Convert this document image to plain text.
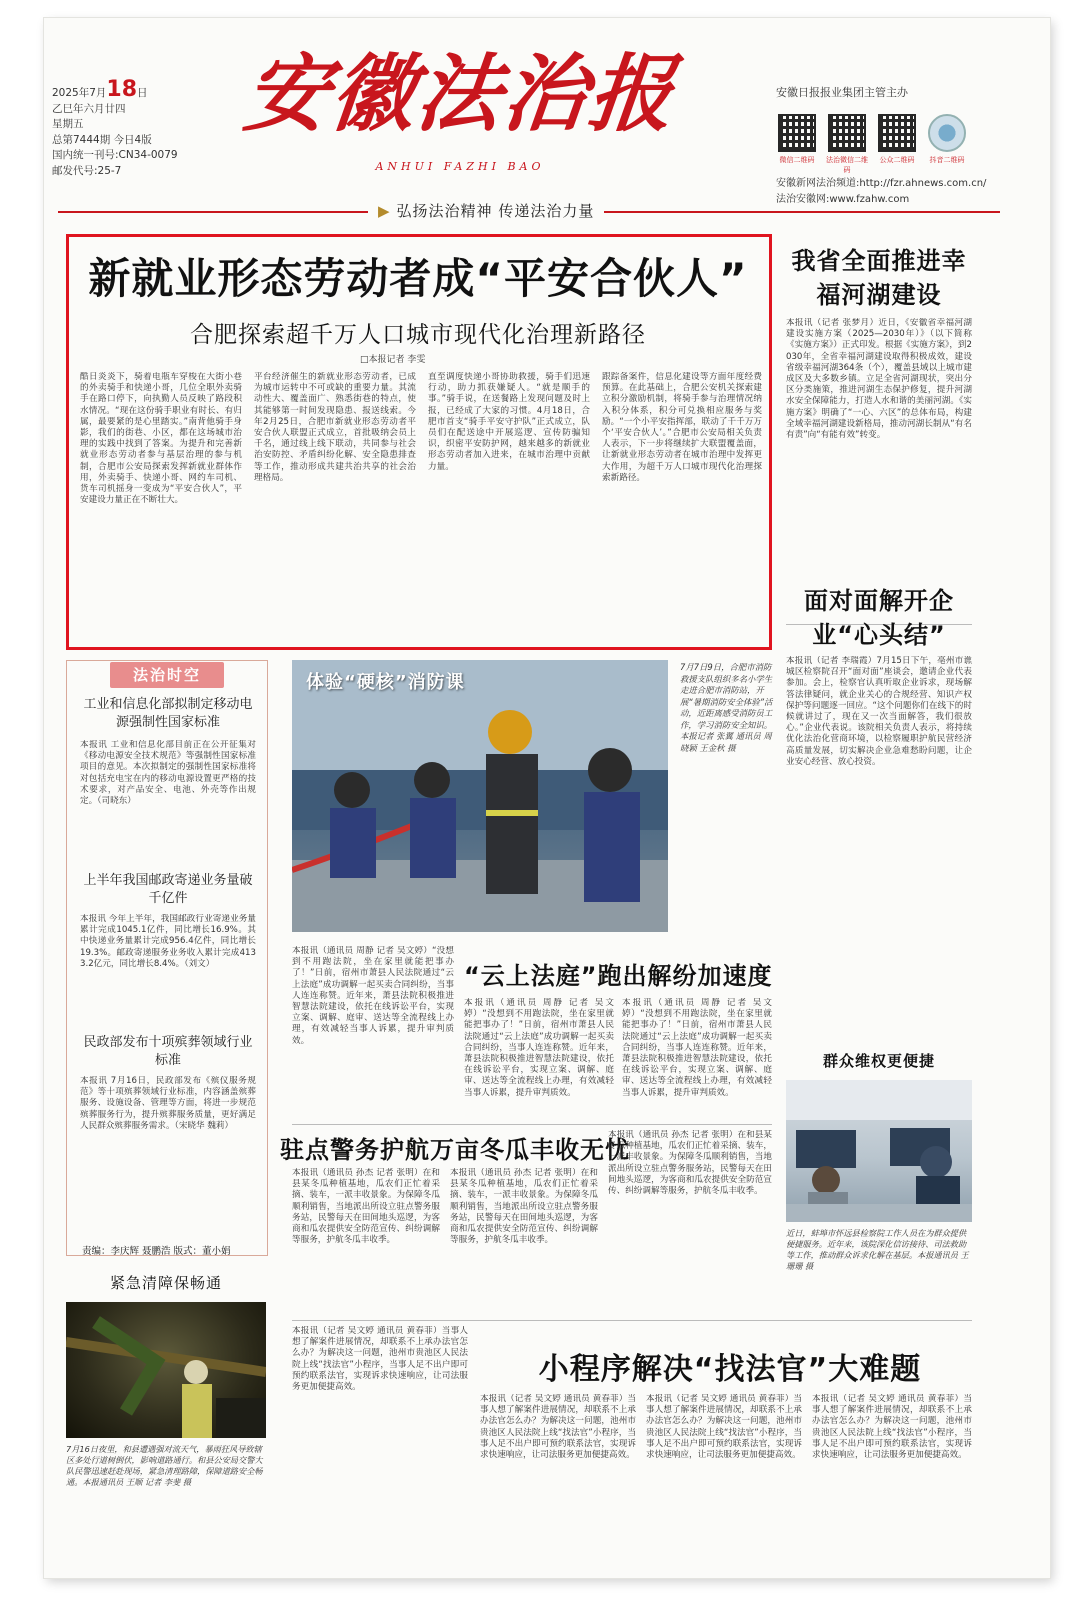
2025年7月18日
乙巳年六月廿四
星期五
总第7444期 今日4版
国内统一刊号:CN34-0079
邮发代号:25-7
安徽法治报
ANHUI FAZHI BAO
安徽日报报业集团主管主办
微信二维码	法治微信二维码
公众二维码	抖音二维码
安徽新网法治频道:http://fzr.ahnews.com.cn/
法治安徽网:www.fzahw.com
▶ 弘扬法治精神 传递法治力量
新就业形态劳动者成“平安合伙人”
合肥探索超千万人口城市现代化治理新路径
□本报记者 李雯
酷日炎炎下，骑着电瓶车穿梭在大街小巷的外卖骑手和快递小哥，几位全职外卖骑手在路口停下，向执勤人员反映了路段积水情况。“现在这份骑手职业有时长、有归属，最要紧的是心里踏实。”南背他骑手身影，我们的街巷、小区，都在这场城市治理的实践中找到了答案。为提升和完善新就业形态劳动者参与基层治理的参与机制，合肥市公安局探索发挥新就业群体作用，外卖骑手、快递小哥、网约车司机、货车司机摇身一变成为“平安合伙人”，平安建设力量正在不断壮大。
平台经济催生的新就业形态劳动者，已成为城市运转中不可或缺的重要力量。其流动性大、覆盖面广、熟悉街巷的特点，使其能够第一时间发现隐患、报送线索。今年2月25日，合肥市新就业形态劳动者平安合伙人联盟正式成立，首批吸纳会员上千名，通过线上线下联动，共同参与社会治安防控、矛盾纠纷化解、安全隐患排查等工作，推动形成共建共治共享的社会治理格局。
直至调度快递小哥协助救援，骑手们迅速行动，助力抓获嫌疑人。“就是顺手的事。”骑手说，在送餐路上发现问题及时上报，已经成了大家的习惯。4月18日，合肥市首支“骑手平安守护队”正式成立，队员们在配送途中开展巡逻、宣传防骗知识，织密平安防护网，越来越多的新就业形态劳动者加入进来，在城市治理中贡献力量。
跟踪备案件，信息化建设等方面年度经费预算。在此基础上，合肥公安机关探索建立积分激励机制，将骑手参与治理情况纳入积分体系，积分可兑换相应服务与奖励。“一个小平安指挥部，联动了千千万万个‘平安合伙人’。”合肥市公安局相关负责人表示，下一步将继续扩大联盟覆盖面，让新就业形态劳动者在城市治理中发挥更大作用，为超千万人口城市现代化治理探索新路径。
我省全面推进幸福河湖建设
本报讯（记者 张梦月）近日，《安徽省幸福河湖建设实施方案（2025—2030年）》（以下简称《实施方案》）正式印发。根据《实施方案》，到2030年，全省幸福河湖建设取得积极成效，建设省级幸福河湖364条（个），覆盖县域以上城市建成区及大多数乡镇。立足全省河湖现状，突出分区分类施策，推进河湖生态保护修复，提升河湖水安全保障能力，打造人水和谐的美丽河湖。《实施方案》明确了“一心、六区”的总体布局，构建全域幸福河湖建设新格局，推动河湖长制从“有名有责”向“有能有效”转变。
面对面解开企业“心头结”
本报讯（记者 李瑞霞）7月15日下午，亳州市谯城区检察院召开“面对面”座谈会，邀请企业代表参加。会上，检察官认真听取企业诉求，现场解答法律疑问，就企业关心的合规经营、知识产权保护等问题逐一回应。“这个问题你们在线下的时候就讲过了，现在又一次当面解答，我们很放心。”企业代表说。该院相关负责人表示，将持续优化法治化营商环境，以检察履职护航民营经济高质量发展，切实解决企业急难愁盼问题，让企业安心经营、放心投资。
群众维权更便捷
近日，蚌埠市怀远县检察院工作人员在为群众提供便捷服务。近年来，该院深化信访接待、司法救助等工作，推动群众诉求化解在基层。本报通讯员 王珊珊 摄
法治时空
工业和信息化部拟制定移动电源强制性国家标准
本报讯 工业和信息化部目前正在公开征集对《移动电源安全技术规范》等强制性国家标准项目的意见。本次拟制定的强制性国家标准将对包括充电宝在内的移动电源设置更严格的技术要求，对产品安全、电池、外壳等作出规定。（司晓东）
上半年我国邮政寄递业务量破千亿件
本报讯 今年上半年，我国邮政行业寄递业务量累计完成1045.1亿件，同比增长16.9%。其中快递业务量累计完成956.4亿件，同比增长19.3%。邮政寄递服务业务收入累计完成4133.2亿元，同比增长8.4%。（刘文）
民政部发布十项殡葬领域行业标准
本报讯 7月16日，民政部发布《殡仪服务规范》等十项殡葬领域行业标准，内容涵盖殡葬服务、设施设备、管理等方面，将进一步规范殡葬服务行为，提升殡葬服务质量，更好满足人民群众殡葬服务需求。（宋晓华 魏莉）
责编：李庆辉 聂鹏浩 版式：董小娟
体验“硬核”消防课
7月7日9日，合肥市消防救援支队组织多名小学生走进合肥市消防站，开展“暑期消防安全体验”活动，近距离感受消防员工作，学习消防安全知识。本报记者 张翼 通讯员 周晓颖 王金秋 摄
本报讯（通讯员 周静 记者 吴文婷）“没想到不用跑法院，坐在家里就能把事办了！”日前，宿州市萧县人民法院通过“云上法庭”成功调解一起买卖合同纠纷，当事人连连称赞。近年来，萧县法院积极推进智慧法院建设，依托在线诉讼平台，实现立案、调解、庭审、送达等全流程线上办理，有效减轻当事人诉累，提升审判质效。
“云上法庭”跑出解纷加速度
本报讯（通讯员 周静 记者 吴文婷）“没想到不用跑法院，坐在家里就能把事办了！”日前，宿州市萧县人民法院通过“云上法庭”成功调解一起买卖合同纠纷，当事人连连称赞。近年来，萧县法院积极推进智慧法院建设，依托在线诉讼平台，实现立案、调解、庭审、送达等全流程线上办理，有效减轻当事人诉累，提升审判质效。
本报讯（通讯员 周静 记者 吴文婷）“没想到不用跑法院，坐在家里就能把事办了！”日前，宿州市萧县人民法院通过“云上法庭”成功调解一起买卖合同纠纷，当事人连连称赞。近年来，萧县法院积极推进智慧法院建设，依托在线诉讼平台，实现立案、调解、庭审、送达等全流程线上办理，有效减轻当事人诉累，提升审判质效。
驻点警务护航万亩冬瓜丰收无忧
本报讯（通讯员 孙杰 记者 张明）在和县某冬瓜种植基地，瓜农们正忙着采摘、装车，一派丰收景象。为保障冬瓜顺利销售，当地派出所设立驻点警务服务站，民警每天在田间地头巡逻，为客商和瓜农提供安全防范宣传、纠纷调解等服务，护航冬瓜丰收季。
本报讯（通讯员 孙杰 记者 张明）在和县某冬瓜种植基地，瓜农们正忙着采摘、装车，一派丰收景象。为保障冬瓜顺利销售，当地派出所设立驻点警务服务站，民警每天在田间地头巡逻，为客商和瓜农提供安全防范宣传、纠纷调解等服务，护航冬瓜丰收季。
本报讯（通讯员 孙杰 记者 张明）在和县某冬瓜种植基地，瓜农们正忙着采摘、装车，一派丰收景象。为保障冬瓜顺利销售，当地派出所设立驻点警务服务站，民警每天在田间地头巡逻，为客商和瓜农提供安全防范宣传、纠纷调解等服务，护航冬瓜丰收季。
本报讯（记者 吴文婷 通讯员 黄春菲）当事人想了解案件进展情况，却联系不上承办法官怎么办？为解决这一问题，池州市贵池区人民法院上线“找法官”小程序，当事人足不出户即可预约联系法官，实现诉求快速响应，让司法服务更加便捷高效。
小程序解决“找法官”大难题
本报讯（记者 吴文婷 通讯员 黄春菲）当事人想了解案件进展情况，却联系不上承办法官怎么办？为解决这一问题，池州市贵池区人民法院上线“找法官”小程序，当事人足不出户即可预约联系法官，实现诉求快速响应，让司法服务更加便捷高效。
本报讯（记者 吴文婷 通讯员 黄春菲）当事人想了解案件进展情况，却联系不上承办法官怎么办？为解决这一问题，池州市贵池区人民法院上线“找法官”小程序，当事人足不出户即可预约联系法官，实现诉求快速响应，让司法服务更加便捷高效。
本报讯（记者 吴文婷 通讯员 黄春菲）当事人想了解案件进展情况，却联系不上承办法官怎么办？为解决这一问题，池州市贵池区人民法院上线“找法官”小程序，当事人足不出户即可预约联系法官，实现诉求快速响应，让司法服务更加便捷高效。
紧急清障保畅通
7月16日夜里，和县遭遇强对流天气，暴雨狂风导致辖区多处行道树倒伏，影响道路通行。和县公安局交警大队民警迅速赶赴现场，紧急清理路障，保障道路安全畅通。本报通讯员 王顺 记者 李斐 摄
